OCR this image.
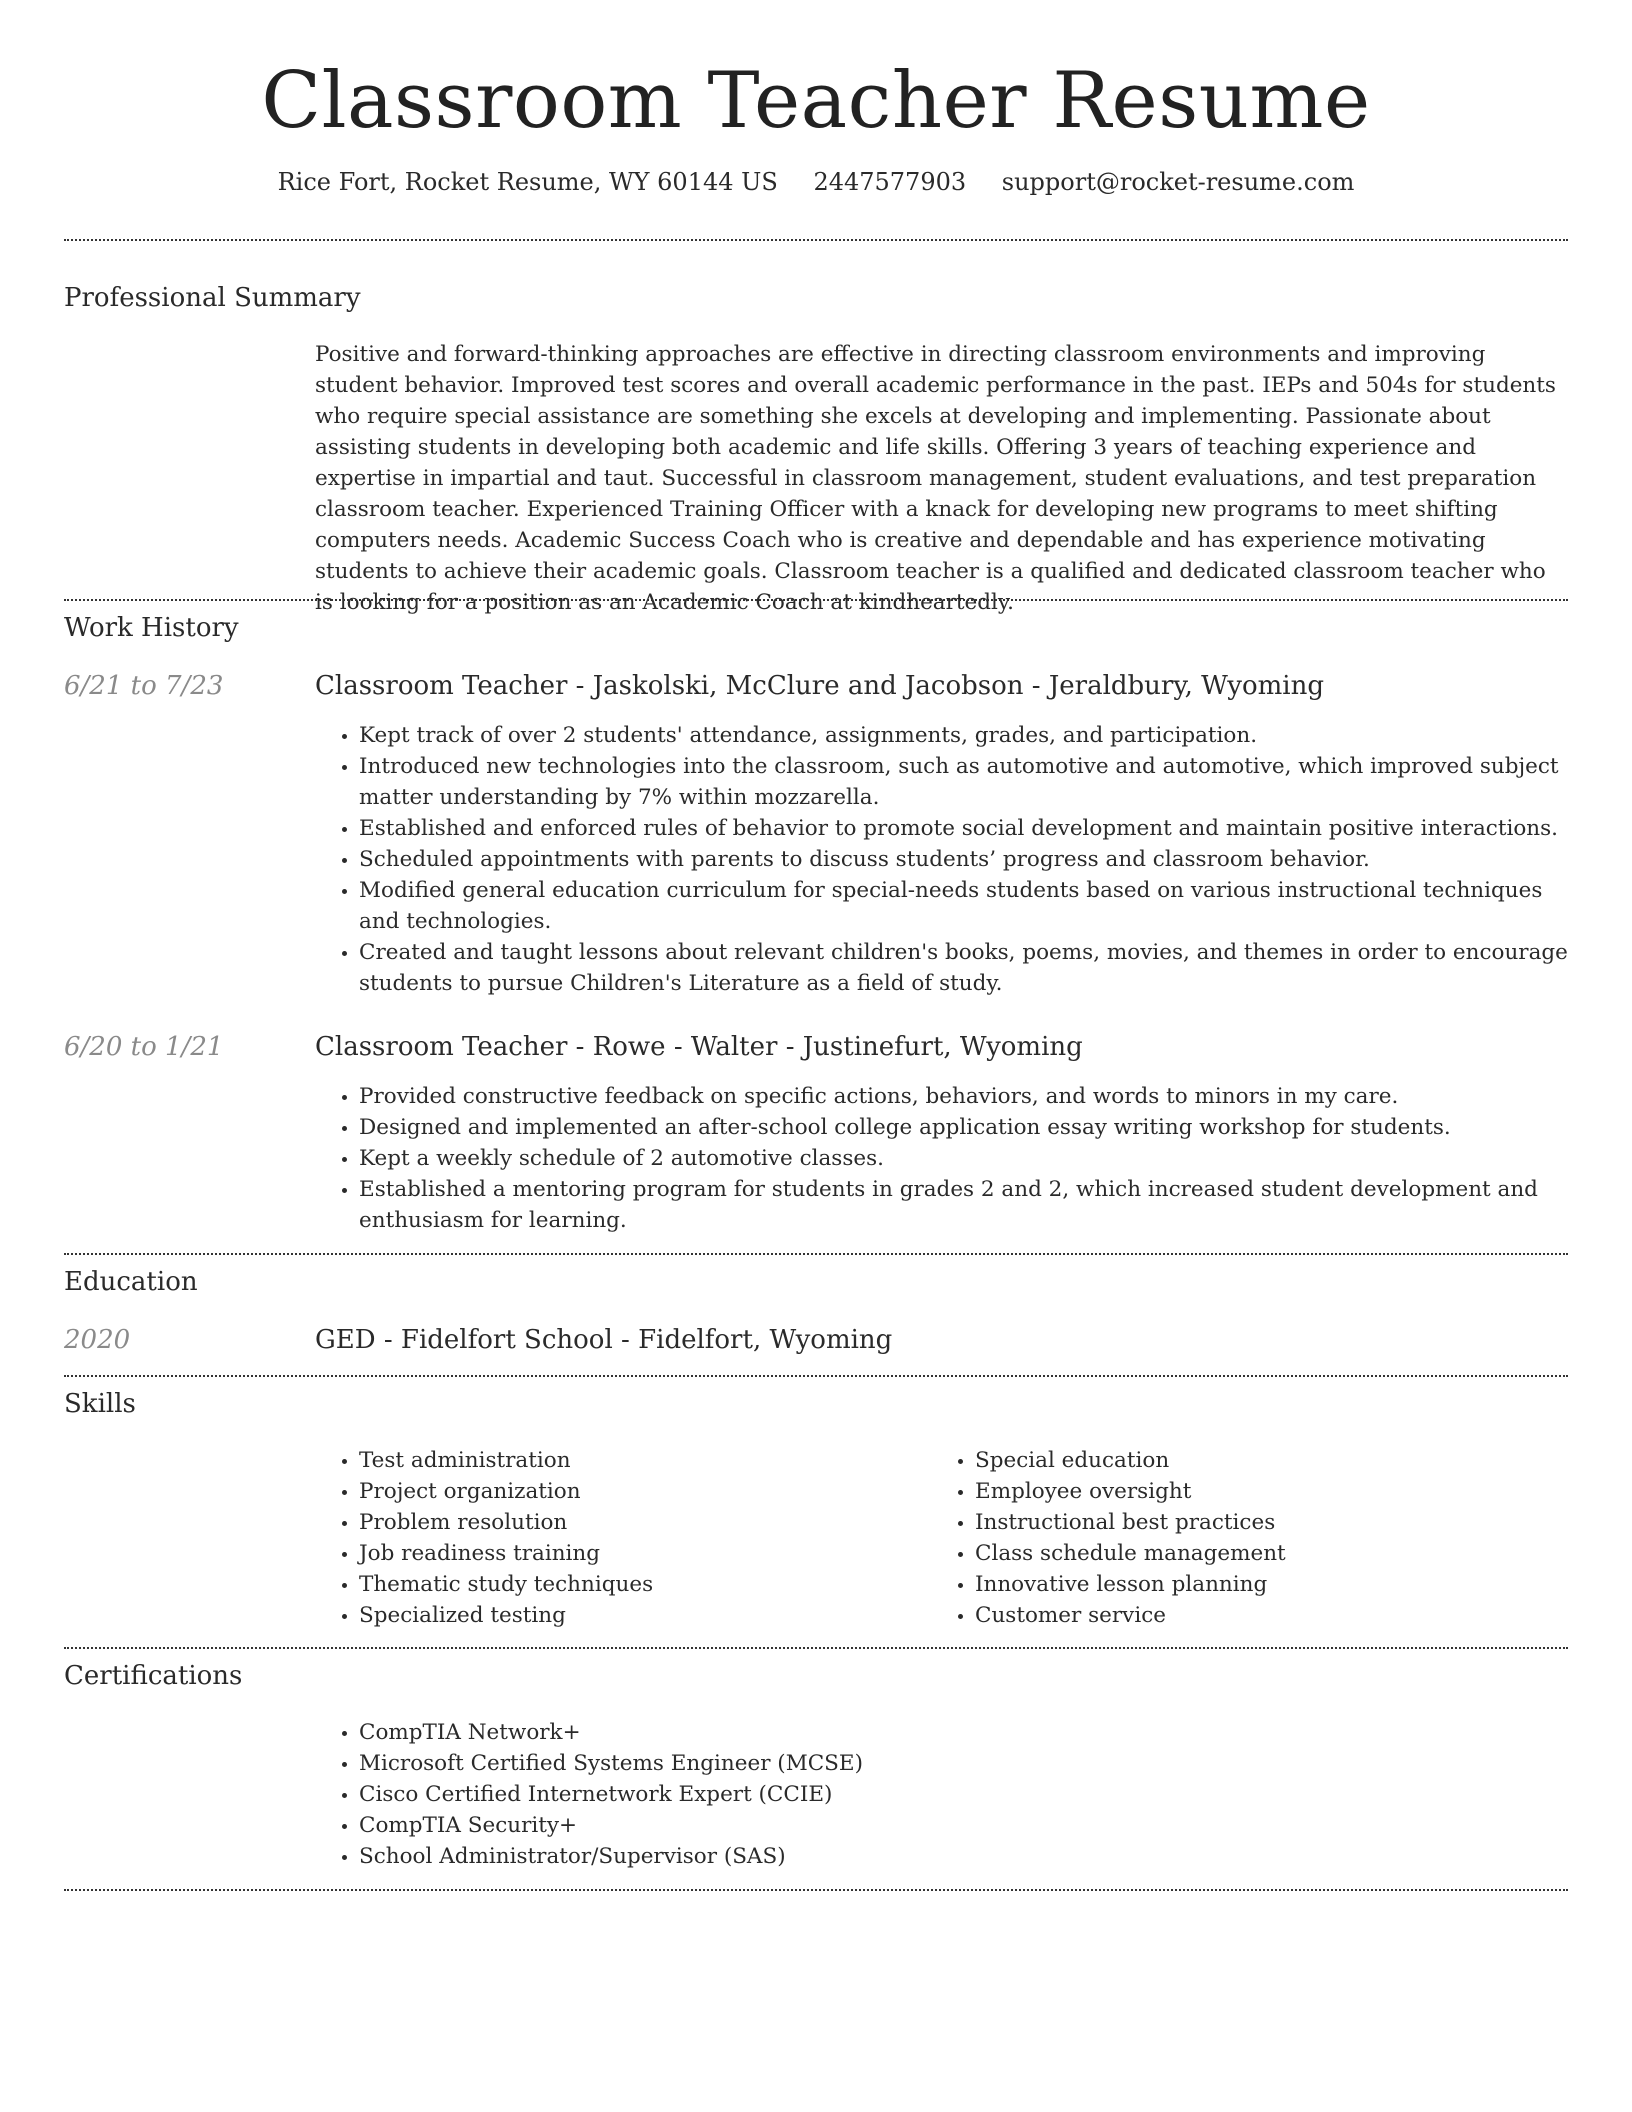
Classroom Teacher Resume
Rice Fort, Rocket Resume, WY 60144 US 2447577903 support@rocket-resume.com
Professional Summary

Positive and forward-thinking approaches are effective in directing classroom environments and improving student behavior. Improved test scores and overall academic performance in the past. IEPs and 504s for students who require special assistance are something she excels at developing and implementing. Passionate about assisting students in developing both academic and life skills. Offering 3 years of teaching experience and expertise in impartial and taut. Successful in classroom management, student evaluations, and test preparation classroom teacher. Experienced Training Officer with a knack for developing new programs to meet shifting computers needs. Academic Success Coach who is creative and dependable and has experience motivating students to achieve their academic goals. Classroom teacher is a qualified and dedicated classroom teacher who is looking for a position as an Academic Coach at kindheartedly.

Work History
6/21 to 7/23	Classroom Teacher - Jaskolski, McClure and Jacobson - Jeraldbury, Wyoming
• Kept track of over 2 students' attendance, assignments, grades, and participation.
• Introduced new technologies into the classroom, such as automotive and automotive, which improved subject matter understanding by 7% within mozzarella.
• Established and enforced rules of behavior to promote social development and maintain positive interactions.
• Scheduled appointments with parents to discuss students’ progress and classroom behavior.
• Modified general education curriculum for special-needs students based on various instructional techniques and technologies.
• Created and taught lessons about relevant children's books, poems, movies, and themes in order to encourage students to pursue Children's Literature as a field of study.
6/20 to 1/21	Classroom Teacher - Rowe - Walter - Justinefurt, Wyoming
• Provided constructive feedback on specific actions, behaviors, and words to minors in my care.
• Designed and implemented an after-school college application essay writing workshop for students.
• Kept a weekly schedule of 2 automotive classes.
• Established a mentoring program for students in grades 2 and 2, which increased student development and enthusiasm for learning.
Education
2020	GED - Fidelfort School - Fidelfort, Wyoming
Skills
• Test administration
• Project organization
• Problem resolution
• Job readiness training
• Thematic study techniques
• Specialized testing
• Special education
• Employee oversight
• Instructional best practices
• Class schedule management
• Innovative lesson planning
• Customer service
Certifications
• CompTIA Network+
• Microsoft Certified Systems Engineer (MCSE)
• Cisco Certified Internetwork Expert (CCIE)
• CompTIA Security+
• School Administrator/Supervisor (SAS)
